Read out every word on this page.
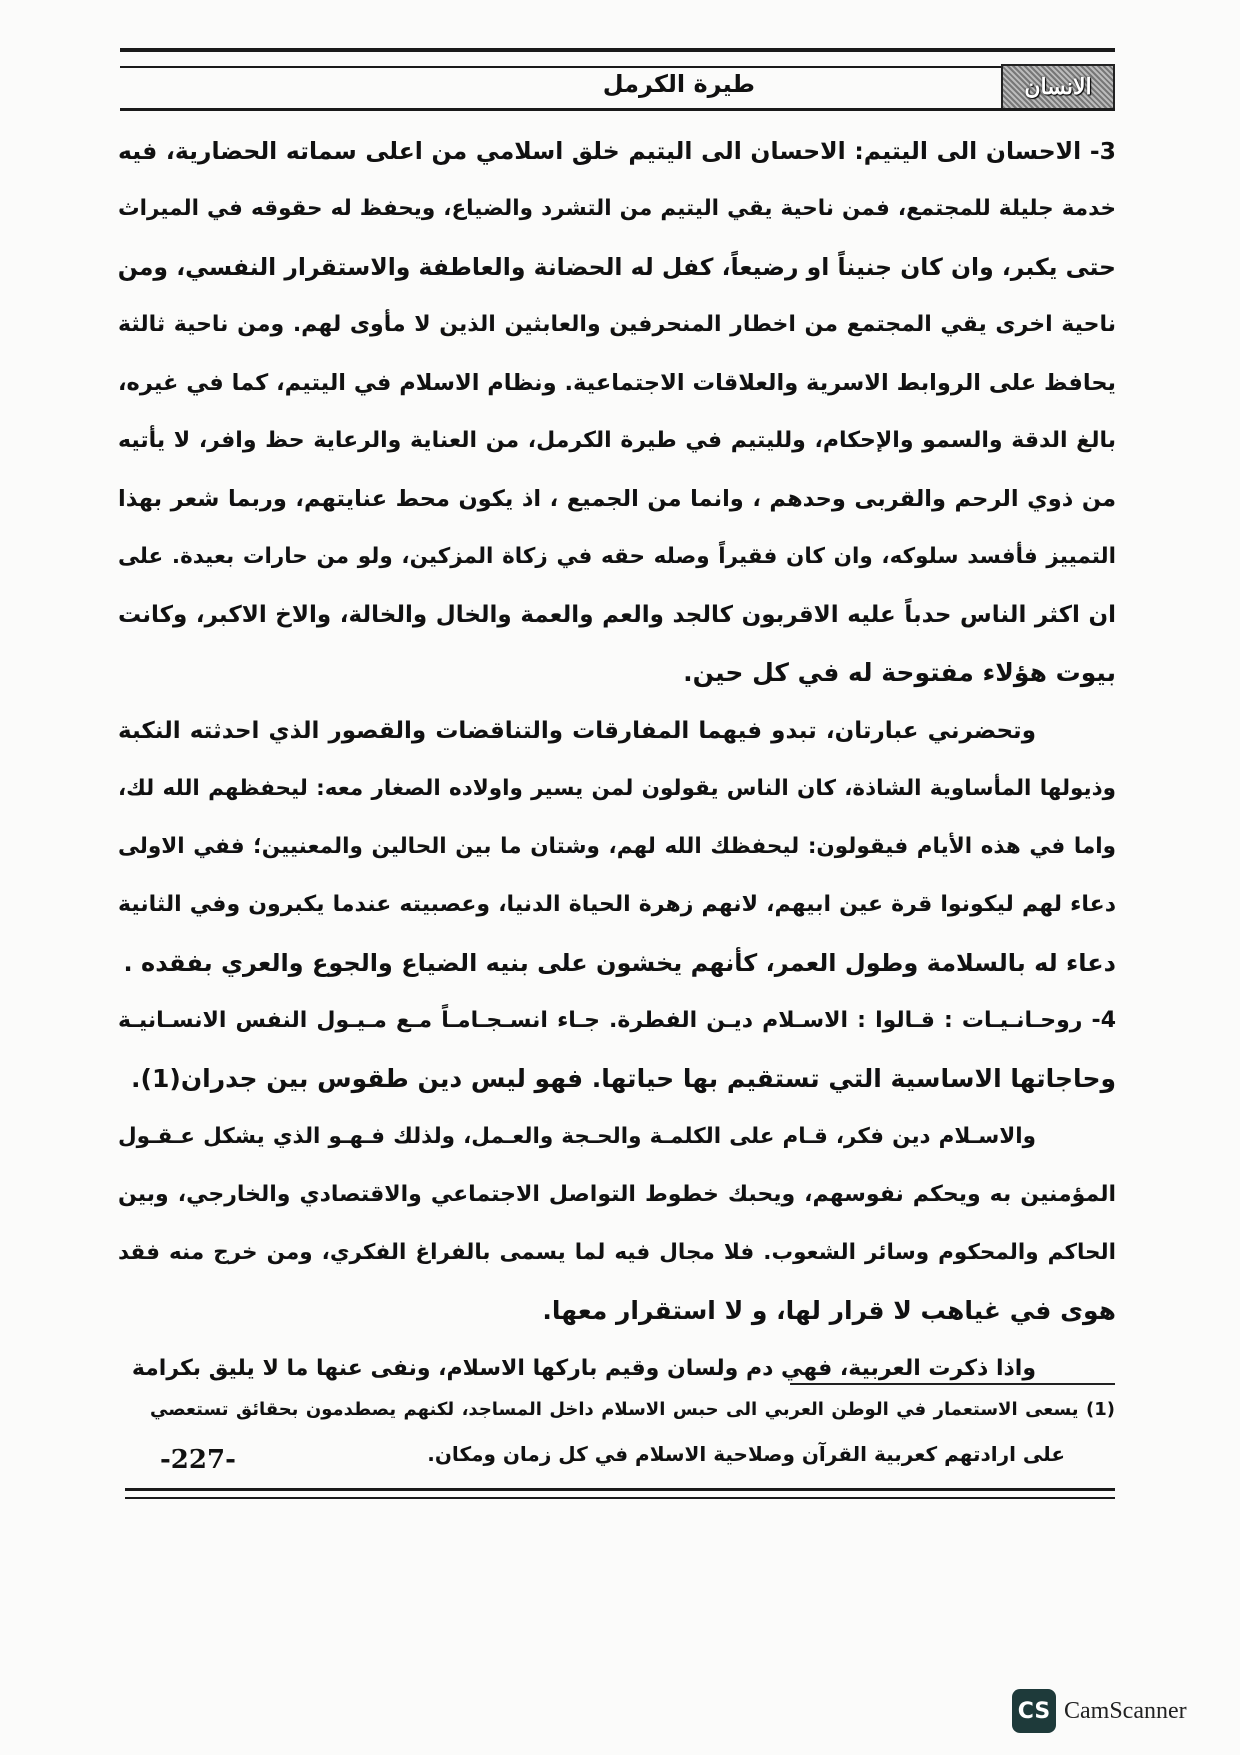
طيرة الكرمل	الانسان
3- الاحسان الى اليتيم: الاحسان الى اليتيم خلق اسلامي من اعلى سماته الحضارية، فيه
خدمة جليلة للمجتمع، فمن ناحية يقي اليتيم من التشرد والضياع، ويحفظ له حقوقه في الميراث
حتى يكبر، وان كان جنيناً او رضيعاً، كفل له الحضانة والعاطفة والاستقرار النفسي، ومن
ناحية اخرى يقي المجتمع من اخطار المنحرفين والعابثين الذين لا مأوى لهم. ومن ناحية ثالثة
يحافظ على الروابط الاسرية والعلاقات الاجتماعية. ونظام الاسلام في اليتيم، كما في غيره،
بالغ الدقة والسمو والإحكام، ولليتيم في طيرة الكرمل، من العناية والرعاية حظ وافر، لا يأتيه
من ذوي الرحم والقربى وحدهم ، وانما من الجميع ، اذ يكون محط عنايتهم، وربما شعر بهذا
التمييز فأفسد سلوكه، وان كان فقيراً وصله حقه في زكاة المزكين، ولو من حارات بعيدة. على
ان اكثر الناس حدباً عليه الاقربون كالجد والعم والعمة والخال والخالة، والاخ الاكبر، وكانت
بيوت هؤلاء مفتوحة له في كل حين.
وتحضرني عبارتان، تبدو فيهما المفارقات والتناقضات والقصور الذي احدثته النكبة
وذيولها المأساوية الشاذة، كان الناس يقولون لمن يسير واولاده الصغار معه: ليحفظهم الله لك،
واما في هذه الأيام فيقولون: ليحفظك الله لهم، وشتان ما بين الحالين والمعنيين؛ ففي الاولى
دعاء لهم ليكونوا قرة عين ابيهم، لانهم زهرة الحياة الدنيا، وعصبيته عندما يكبرون وفي الثانية
دعاء له بالسلامة وطول العمر، كأنهم يخشون على بنيه الضياع والجوع والعري بفقده .
4- روحـانـيـات : قـالوا : الاسـلام ديـن الفطرة. جـاء انسـجـامـاً مـع مـيـول النفس الانسـانيـة
وحاجاتها الاساسية التي تستقيم بها حياتها. فهو ليس دين طقوس بين جدران(1).
والاسـلام دين فكر، قـام على الكلمـة والحـجة والعـمل، ولذلك فـهـو الذي يشكل عـقـول
المؤمنين به ويحكم نفوسهم، ويحبك خطوط التواصل الاجتماعي والاقتصادي والخارجي، وبين
الحاكم والمحكوم وسائر الشعوب. فلا مجال فيه لما يسمى بالفراغ الفكري، ومن خرج منه فقد
هوى في غياهب لا قرار لها، و لا استقرار معها.
واذا ذكرت العربية، فهي دم ولسان وقيم باركها الاسلام، ونفى عنها ما لا يليق بكرامة
(1) يسعى الاستعمار في الوطن العربي الى حبس الاسلام داخل المساجد، لكنهم يصطدمون بحقائق تستعصي
على ارادتهم كعربية القرآن وصلاحية الاسلام في كل زمان ومكان.
-227-
CS CamScanner
